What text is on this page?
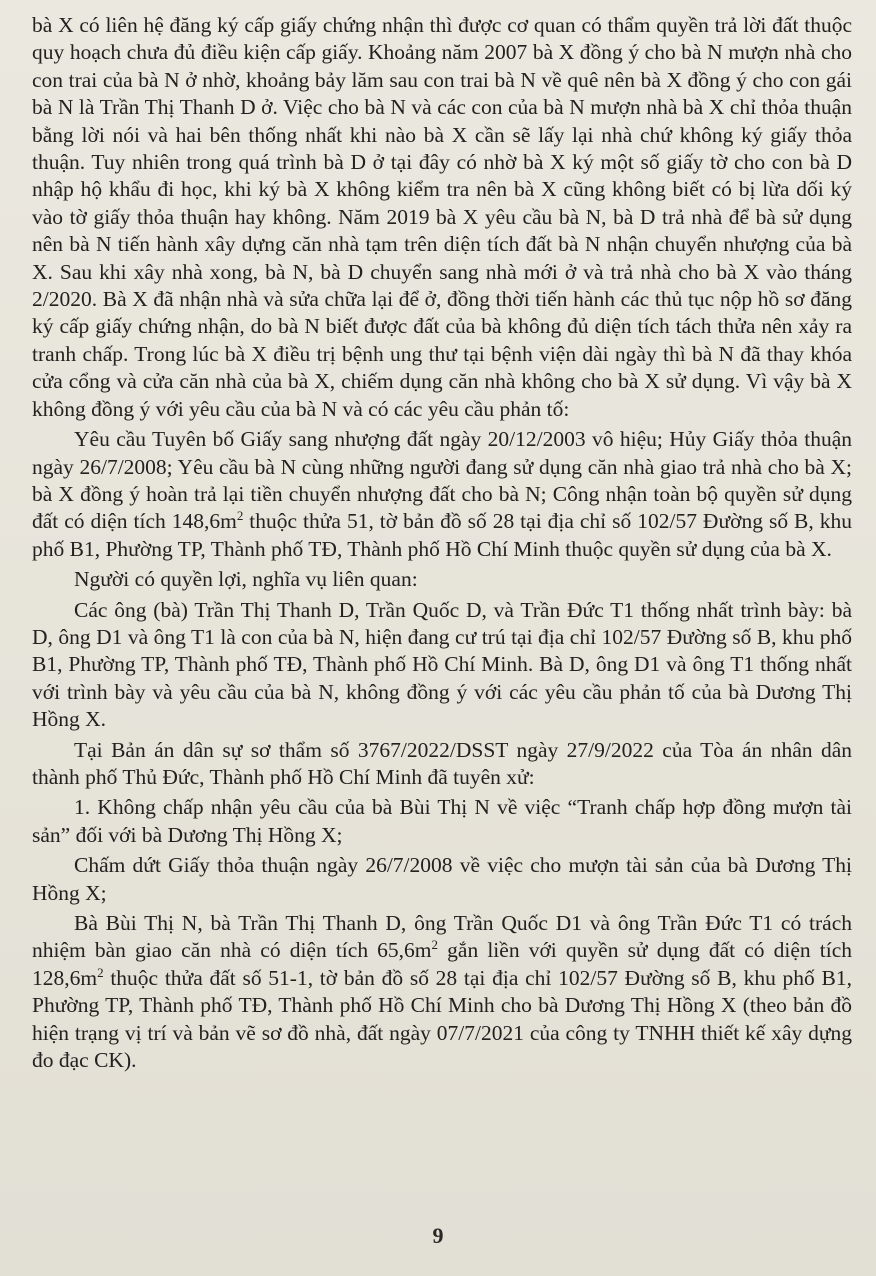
bà X có liên hệ đăng ký cấp giấy chứng nhận thì được cơ quan có thẩm quyền trả lời đất thuộc quy hoạch chưa đủ điều kiện cấp giấy. Khoảng năm 2007 bà X đồng ý cho bà N mượn nhà cho con trai của bà N ở nhờ, khoảng bảy lăm sau con trai bà N về quê nên bà X đồng ý cho con gái bà N là Trần Thị Thanh D ở. Việc cho bà N và các con của bà N mượn nhà bà X chỉ thỏa thuận bằng lời nói và hai bên thống nhất khi nào bà X cần sẽ lấy lại nhà chứ không ký giấy thỏa thuận. Tuy nhiên trong quá trình bà D ở tại đây có nhờ bà X ký một số giấy tờ cho con bà D nhập hộ khẩu đi học, khi ký bà X không kiểm tra nên bà X cũng không biết có bị lừa dối ký vào tờ giấy thỏa thuận hay không. Năm 2019 bà X yêu cầu bà N, bà D trả nhà để bà sử dụng nên bà N tiến hành xây dựng căn nhà tạm trên diện tích đất bà N nhận chuyển nhượng của bà X. Sau khi xây nhà xong, bà N, bà D chuyển sang nhà mới ở và trả nhà cho bà X vào tháng 2/2020. Bà X đã nhận nhà và sửa chữa lại để ở, đồng thời tiến hành các thủ tục nộp hồ sơ đăng ký cấp giấy chứng nhận, do bà N biết được đất của bà không đủ diện tích tách thửa nên xảy ra tranh chấp. Trong lúc bà X điều trị bệnh ung thư tại bệnh viện dài ngày thì bà N đã thay khóa cửa cổng và cửa căn nhà của bà X, chiếm dụng căn nhà không cho bà X sử dụng. Vì vậy bà X không đồng ý với yêu cầu của bà N và có các yêu cầu phản tố:

Yêu cầu Tuyên bố Giấy sang nhượng đất ngày 20/12/2003 vô hiệu; Hủy Giấy thỏa thuận ngày 26/7/2008; Yêu cầu bà N cùng những người đang sử dụng căn nhà giao trả nhà cho bà X; bà X đồng ý hoàn trả lại tiền chuyển nhượng đất cho bà N; Công nhận toàn bộ quyền sử dụng đất có diện tích $148,6m^2$ thuộc thửa 51, tờ bản đồ số 28 tại địa chỉ số 102/57 Đường số B, khu phố B1, Phường TP, Thành phố TĐ, Thành phố Hồ Chí Minh thuộc quyền sử dụng của bà X.

Người có quyền lợi, nghĩa vụ liên quan:

Các ông (bà) Trần Thị Thanh D, Trần Quốc D, và Trần Đức T1 thống nhất trình bày: bà D, ông D1 và ông T1 là con của bà N, hiện đang cư trú tại địa chỉ 102/57 Đường số B, khu phố B1, Phường TP, Thành phố TĐ, Thành phố Hồ Chí Minh. Bà D, ông D1 và ông T1 thống nhất với trình bày và yêu cầu của bà N, không đồng ý với các yêu cầu phản tố của bà Dương Thị Hồng X.

Tại Bản án dân sự sơ thẩm số 3767/2022/DSST ngày 27/9/2022 của Tòa án nhân dân thành phố Thủ Đức, Thành phố Hồ Chí Minh đã tuyên xử:

1. Không chấp nhận yêu cầu của bà Bùi Thị N về việc “Tranh chấp hợp đồng mượn tài sản” đối với bà Dương Thị Hồng X;

Chấm dứt Giấy thỏa thuận ngày 26/7/2008 về việc cho mượn tài sản của bà Dương Thị Hồng X;

Bà Bùi Thị N, bà Trần Thị Thanh D, ông Trần Quốc D1 và ông Trần Đức T1 có trách nhiệm bàn giao căn nhà có diện tích $65,6m^2$ gắn liền với quyền sử dụng đất có diện tích $128,6m^2$ thuộc thửa đất số 51-1, tờ bản đồ số 28 tại địa chỉ 102/57 Đường số B, khu phố B1, Phường TP, Thành phố TĐ, Thành phố Hồ Chí Minh cho bà Dương Thị Hồng X (theo bản đồ hiện trạng vị trí và bản vẽ sơ đồ nhà, đất ngày 07/7/2021 của công ty TNHH thiết kế xây dựng đo đạc CK).

9
